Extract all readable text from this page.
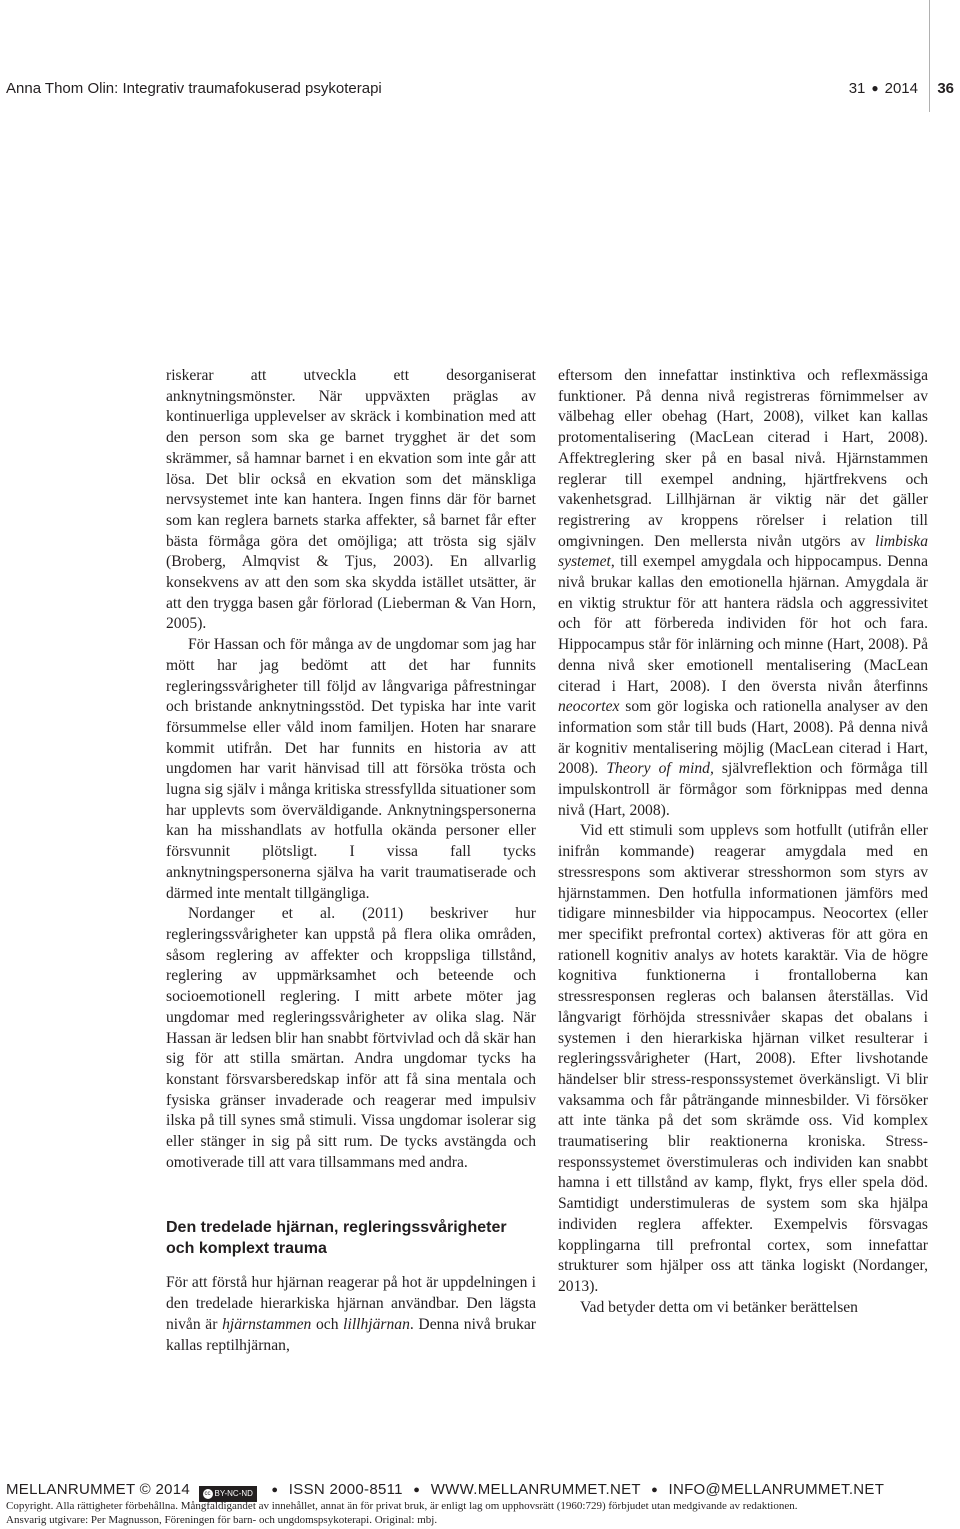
Anna Thom Olin: Integrativ traumafokuserad psykoterapi	31 ● 2014 36

riskerar att utveckla ett desorganiserat anknytningsmönster. När uppväxten präglas av kontinuerliga upplevelser av skräck i kombination med att den person som ska ge barnet trygghet är det som skrämmer, så hamnar barnet i en ekvation som inte går att lösa. Det blir också en ekvation som det mänskliga nervsystemet inte kan hantera. Ingen finns där för barnet som kan reglera barnets starka affekter, så barnet får efter bästa förmåga göra det omöjliga; att trösta sig själv (Broberg, Almqvist & Tjus, 2003). En allvarlig konsekvens av att den som ska skydda istället utsätter, är att den trygga basen går förlorad (Lieberman & Van Horn, 2005).

För Hassan och för många av de ungdomar som jag har mött har jag bedömt att det har funnits regleringssvårigheter till följd av långvariga påfrestningar och bristande anknytningsstöd. Det typiska har inte varit försummelse eller våld inom familjen. Hoten har snarare kommit utifrån. Det har funnits en historia av att ungdomen har varit hänvisad till att försöka trösta och lugna sig själv i många kritiska stressfyllda situationer som har upplevts som överväldigande. Anknytningspersonerna kan ha misshandlats av hotfulla okända personer eller försvunnit plötsligt. I vissa fall tycks anknytningspersonerna själva ha varit traumatiserade och därmed inte mentalt tillgängliga.

Nordanger et al. (2011) beskriver hur regleringssvårigheter kan uppstå på flera olika områden, såsom reglering av affekter och kroppsliga tillstånd, reglering av uppmärksamhet och beteende och socioemotionell reglering. I mitt arbete möter jag ungdomar med regleringssvårigheter av olika slag. När Hassan är ledsen blir han snabbt förtvivlad och då skär han sig för att stilla smärtan. Andra ungdomar tycks ha konstant försvarsberedskap inför att få sina mentala och fysiska gränser invaderade och reagerar med impulsiv ilska på till synes små stimuli. Vissa ungdomar isolerar sig eller stänger in sig på sitt rum. De tycks avstängda och omotiverade till att vara tillsammans med andra.

Den tredelade hjärnan, regleringssvårigheter och komplext trauma

För att förstå hur hjärnan reagerar på hot är uppdelningen i den tredelade hierarkiska hjärnan användbar. Den lägsta nivån är hjärnstammen och lillhjärnan. Denna nivå brukar kallas reptilhjärnan,

eftersom den innefattar instinktiva och reflexmässiga funktioner. På denna nivå registreras förnimmelser av välbehag eller obehag (Hart, 2008), vilket kan kallas protomentalisering (MacLean citerad i Hart, 2008). Affektreglering sker på en basal nivå. Hjärnstammen reglerar till exempel andning, hjärtfrekvens och vakenhetsgrad. Lillhjärnan är viktig när det gäller registrering av kroppens rörelser i relation till omgivningen. Den mellersta nivån utgörs av limbiska systemet, till exempel amygdala och hippocampus. Denna nivå brukar kallas den emotionella hjärnan. Amygdala är en viktig struktur för att hantera rädsla och aggressivitet och för att förbereda individen för hot och fara. Hippocampus står för inlärning och minne (Hart, 2008). På denna nivå sker emotionell mentalisering (MacLean citerad i Hart, 2008). I den översta nivån återfinns neocortex som gör logiska och rationella analyser av den information som står till buds (Hart, 2008). På denna nivå är kognitiv mentalisering möjlig (MacLean citerad i Hart, 2008). Theory of mind, självreflektion och förmåga till impulskontroll är förmågor som förknippas med denna nivå (Hart, 2008).

Vid ett stimuli som upplevs som hotfullt (utifrån eller inifrån kommande) reagerar amygdala med en stressrespons som aktiverar stresshormon som styrs av hjärnstammen. Den hotfulla informationen jämförs med tidigare minnesbilder via hippocampus. Neocortex (eller mer specifikt prefrontal cortex) aktiveras för att göra en rationell kognitiv analys av hotets karaktär. Via de högre kognitiva funktionerna i frontalloberna kan stressresponsen regleras och balansen återställas. Vid långvarigt förhöjda stressnivåer skapas det obalans i systemen i den hierarkiska hjärnan vilket resulterar i regleringssvårigheter (Hart, 2008). Efter livshotande händelser blir stress-responssystemet överkänsligt. Vi blir vaksamma och får påträngande minnesbilder. Vi försöker att inte tänka på det som skrämde oss. Vid komplex traumatisering blir reaktionerna kroniska. Stress-responssystemet överstimuleras och individen kan snabbt hamna i ett tillstånd av kamp, flykt, frys eller spela död. Samtidigt understimuleras de system som ska hjälpa individen reglera affekter. Exempelvis försvagas kopplingarna till prefrontal cortex, som innefattar strukturer som hjälper oss att tänka logiskt (Nordanger, 2013).

Vad betyder detta om vi betänker berättelsen

MELLANRUMMET © 2014 cc BY-NC-ND ● ISSN 2000-8511 ● WWW.MELLANRUMMET.NET ● INFO@MELLANRUMMET.NET
Copyright. Alla rättigheter förbehållna. Mångfaldigandet av innehållet, annat än för privat bruk, är enligt lag om upphovsrätt (1960:729) förbjudet utan medgivande av redaktionen.
Ansvarig utgivare: Per Magnusson, Föreningen för barn- och ungdomspsykoterapi. Original: mbj.
